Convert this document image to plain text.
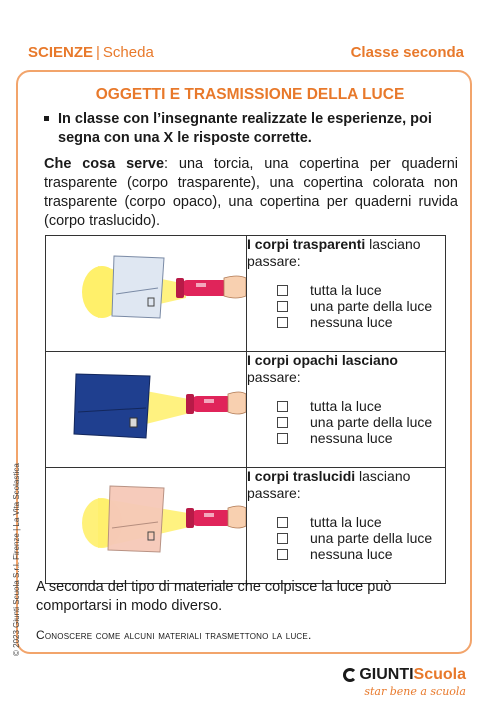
SCIENZE | Scheda	Classe seconda
OGGETTI E TRASMISSIONE DELLA LUCE
In classe con l’insegnante realizzate le esperienze, poi segna con una X le risposte corrette.
Che cosa serve: una torcia, una copertina per quaderni trasparente (corpo trasparente), una copertina colorata non trasparente (corpo opaco), una copertina per quaderni ruvida (corpo traslucido).
	I corpi trasparenti lasciano passare:
tutta la luce
una parte della luce
nessuna luce

	I corpi opachi lasciano passare:
tutta la luce
una parte della luce
nessuna luce

	I corpi traslucidi lasciano passare:
tutta la luce
una parte della luce
nessuna luce
A seconda del tipo di materiale che colpisce la luce può comportarsi in modo diverso.
Conoscere come alcuni materiali trasmettono la luce.
© 2023 Giunti Scuola S.r.l. Firenze | La Vita Scolastica
GIUNTIScuola
star bene a scuola
